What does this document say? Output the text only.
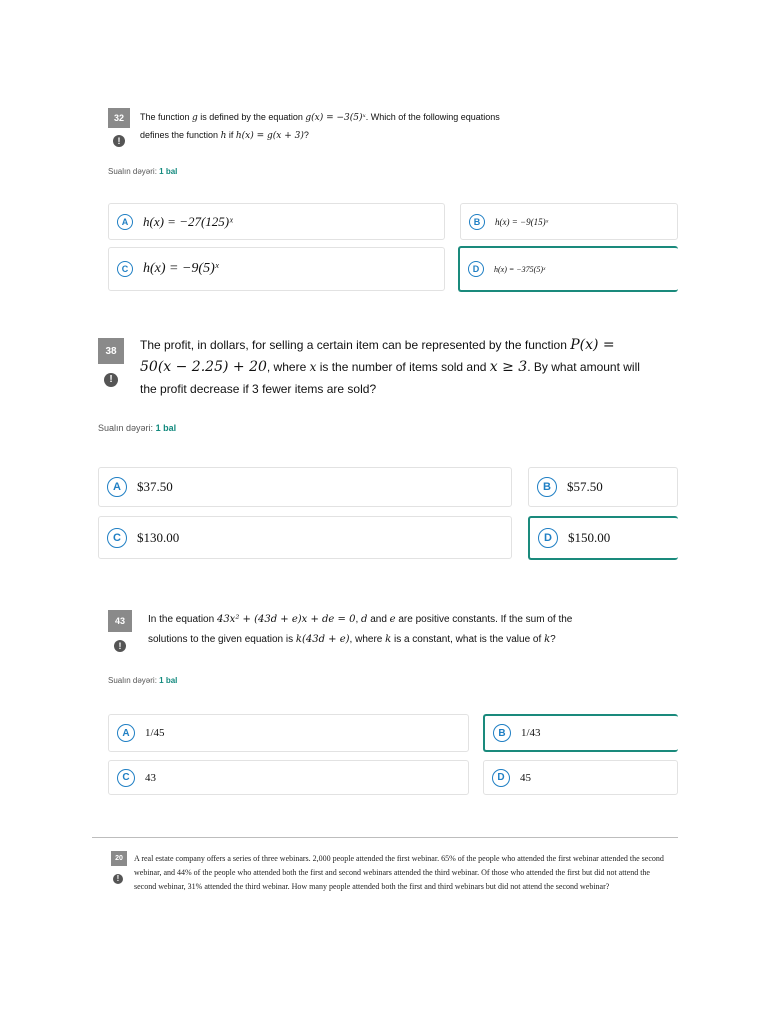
32
!
The function g is defined by the equation g(x) = −3(5)ˣ. Which of the following equations
defines the function h if h(x) = g(x + 3)?
Sualın dəyəri: 1 bal
A	h(x) = −27(125)ˣ	B	h(x) = −9(15)ˣ
C	h(x) = −9(5)ˣ	D	h(x) = −375(5)ˣ
38
!
The profit, in dollars, for selling a certain item can be represented by the function P(x) =
50(x − 2.25) + 20, where x is the number of items sold and x ≥ 3. By what amount will
the profit decrease if 3 fewer items are sold?
Sualın dəyəri: 1 bal
A	$37.50	B	$57.50
C	$130.00	D	$150.00
43
!
In the equation 43x² + (43d + e)x + de = 0, d and e are positive constants. If the sum of the
solutions to the given equation is k(43d + e), where k is a constant, what is the value of k?
Sualın dəyəri: 1 bal
A	1/45	B	1/43
C	43	D	45
20
!
A real estate company offers a series of three webinars. 2,000 people attended the first webinar. 65% of the people who attended the first webinar attended the second webinar, and 44% of the people who attended both the first and second webinars attended the third webinar. Of those who attended the first but did not attend the second webinar, 31% attended the third webinar. How many people attended both the first and third webinars but did not attend the second webinar?
